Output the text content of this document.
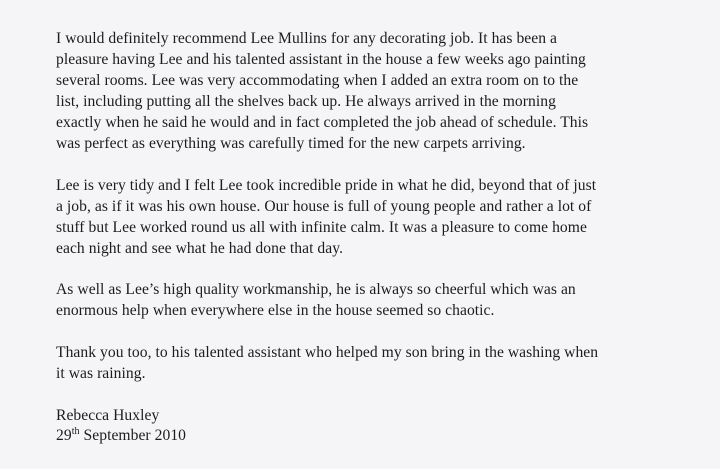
I would definitely recommend Lee Mullins for any decorating job. It has been a
pleasure having Lee and his talented assistant in the house a few weeks ago painting
several rooms. Lee was very accommodating when I added an extra room on to the
list, including putting all the shelves back up. He always arrived in the morning
exactly when he said he would and in fact completed the job ahead of schedule. This
was perfect as everything was carefully timed for the new carpets arriving.
Lee is very tidy and I felt Lee took incredible pride in what he did, beyond that of just
a job, as if it was his own house. Our house is full of young people and rather a lot of
stuff but Lee worked round us all with infinite calm. It was a pleasure to come home
each night and see what he had done that day.
As well as Lee’s high quality workmanship, he is always so cheerful which was an
enormous help when everywhere else in the house seemed so chaotic.
Thank you too, to his talented assistant who helped my son bring in the washing when
it was raining.
Rebecca Huxley
29th September 2010
